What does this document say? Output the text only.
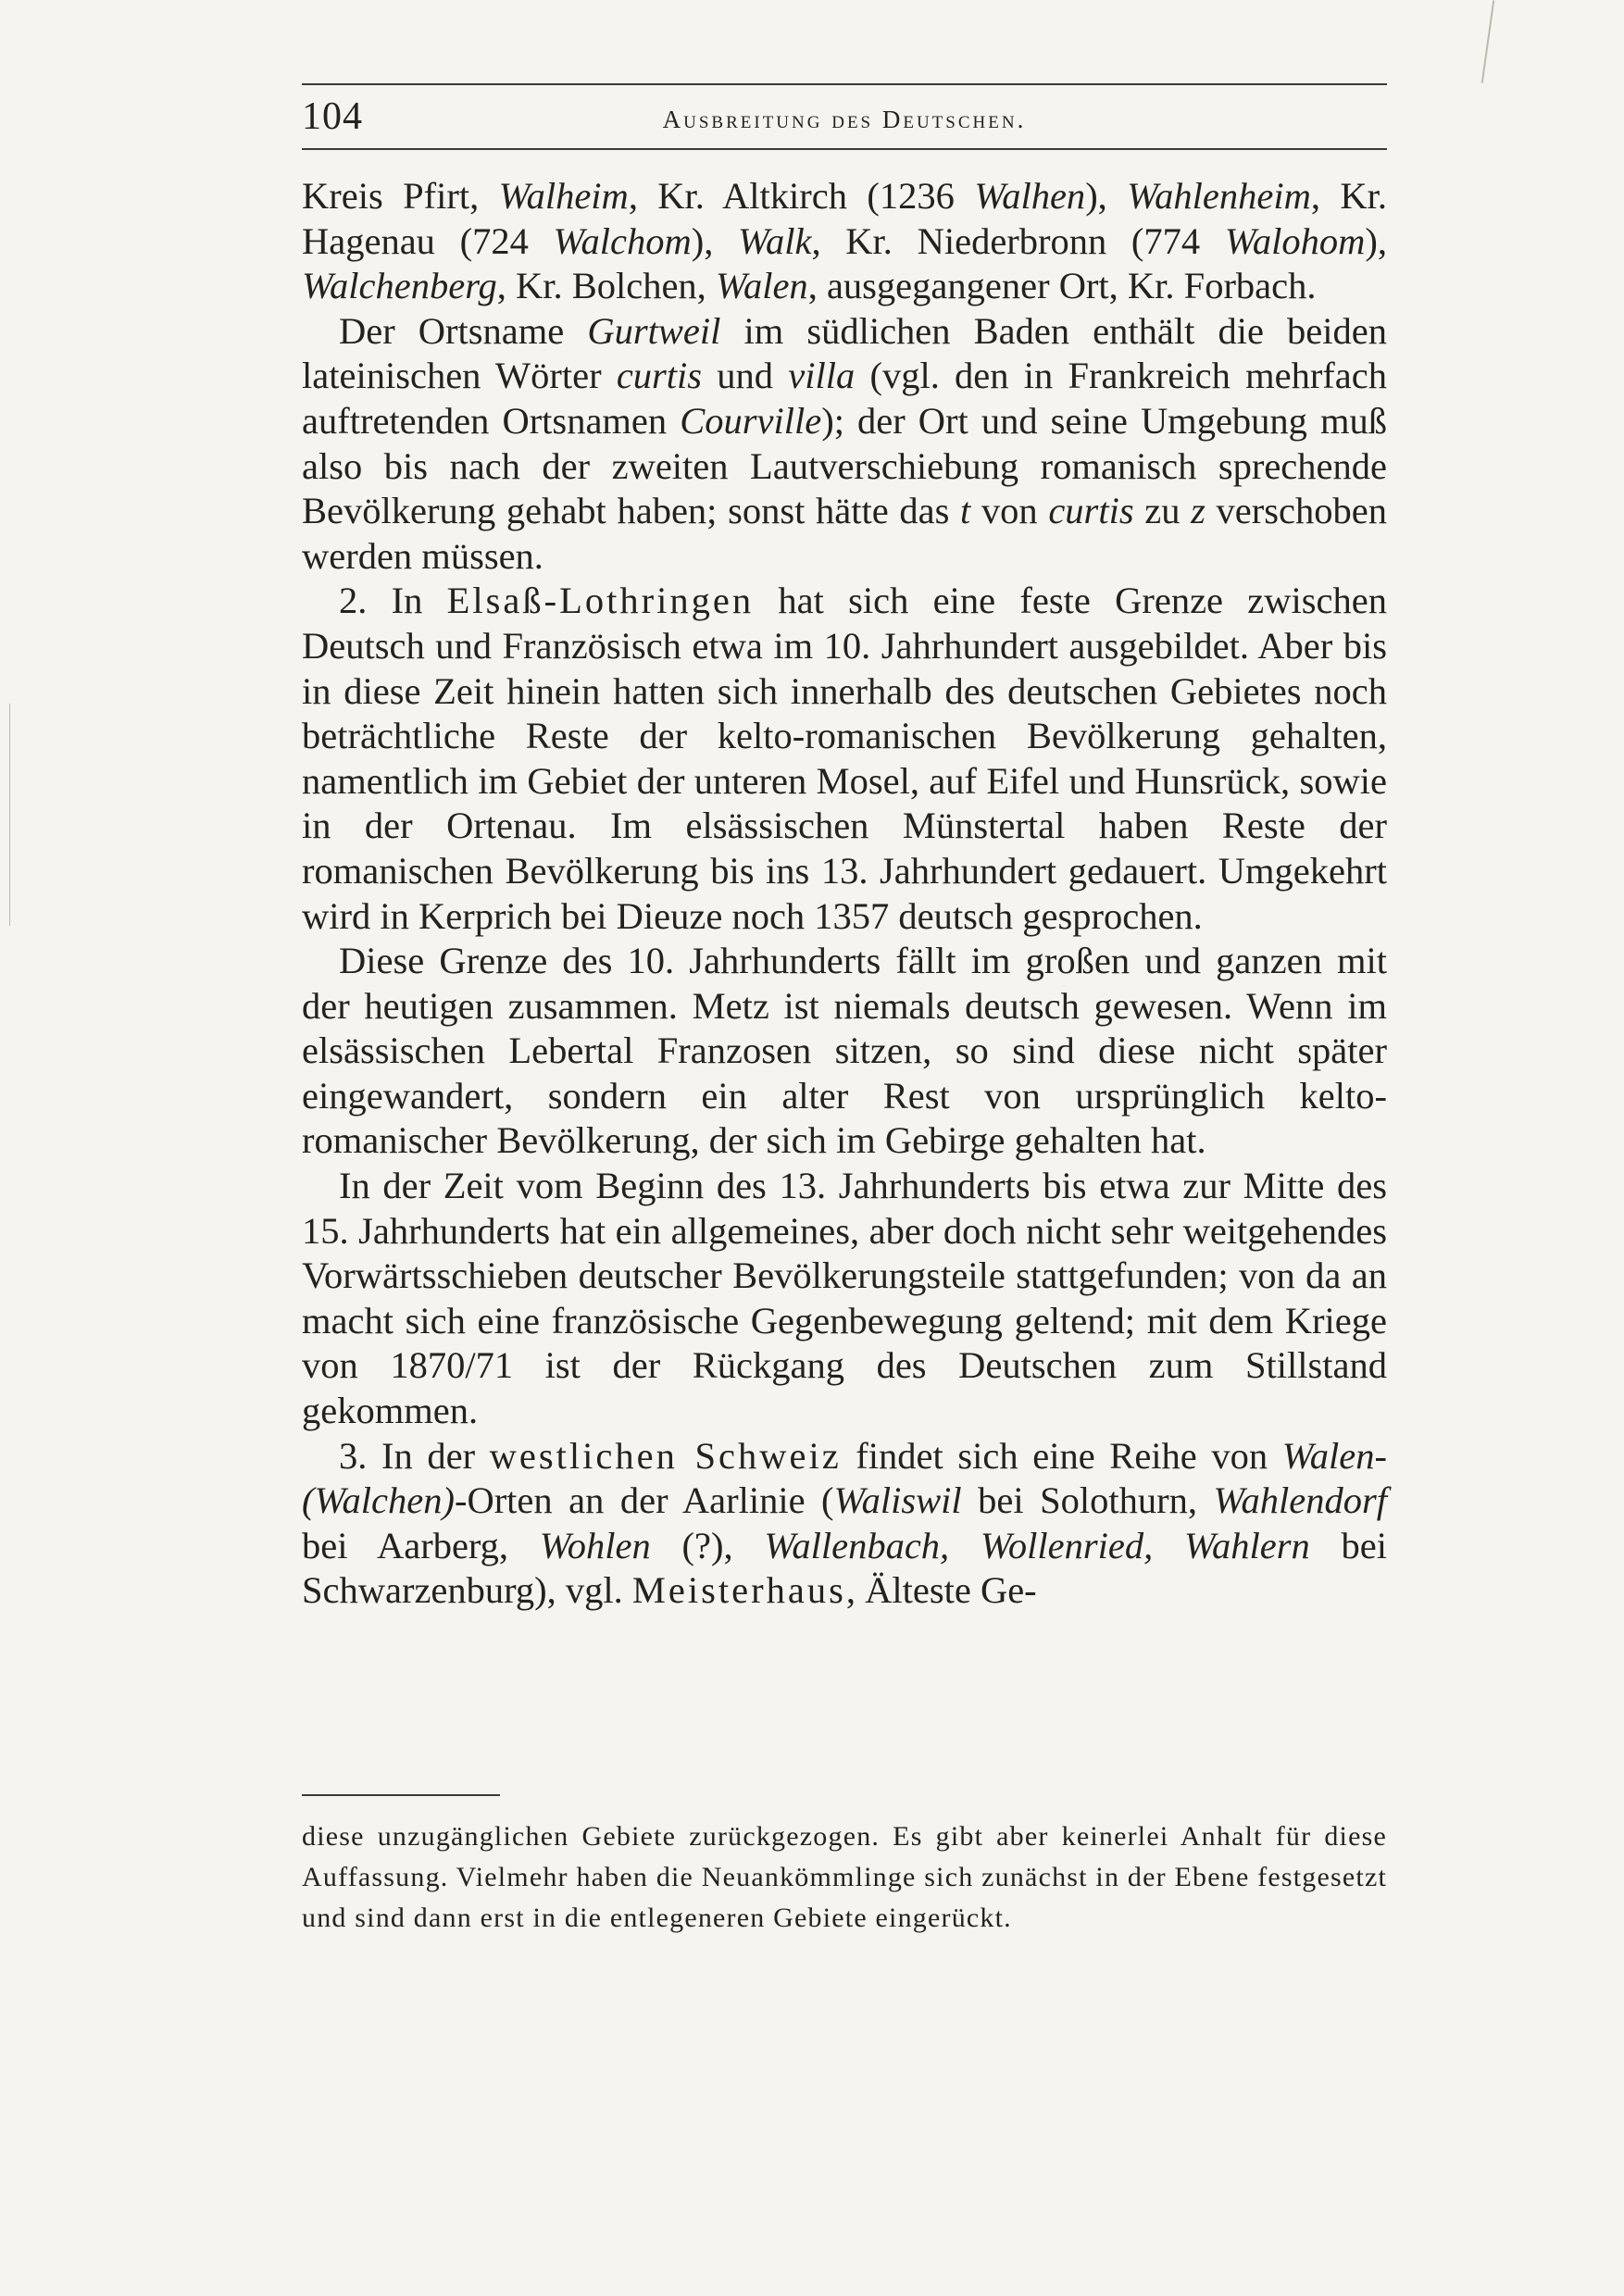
104	Ausbreitung des Deutschen.

Kreis Pfirt, Walheim, Kr. Altkirch (1236 Walhen), Wahlenheim, Kr. Hagenau (724 Walchom), Walk, Kr. Niederbronn (774 Walohom), Walchenberg, Kr. Bolchen, Walen, ausgegangener Ort, Kr. Forbach.

Der Ortsname Gurtweil im südlichen Baden enthält die beiden lateinischen Wörter curtis und villa (vgl. den in Frankreich mehrfach auftretenden Ortsnamen Courville); der Ort und seine Umgebung muß also bis nach der zweiten Lautverschiebung romanisch sprechende Bevölkerung gehabt haben; sonst hätte das t von curtis zu z verschoben werden müssen.

2. In Elsaß-Lothringen hat sich eine feste Grenze zwischen Deutsch und Französisch etwa im 10. Jahrhundert ausgebildet. Aber bis in diese Zeit hinein hatten sich innerhalb des deutschen Gebietes noch beträchtliche Reste der kelto-romanischen Bevölkerung gehalten, namentlich im Gebiet der unteren Mosel, auf Eifel und Hunsrück, sowie in der Ortenau. Im elsässischen Münstertal haben Reste der romanischen Bevölkerung bis ins 13. Jahrhundert gedauert. Umgekehrt wird in Kerprich bei Dieuze noch 1357 deutsch gesprochen.

Diese Grenze des 10. Jahrhunderts fällt im großen und ganzen mit der heutigen zusammen. Metz ist niemals deutsch gewesen. Wenn im elsässischen Lebertal Franzosen sitzen, so sind diese nicht später eingewandert, sondern ein alter Rest von ursprünglich kelto-romanischer Bevölkerung, der sich im Gebirge gehalten hat.

In der Zeit vom Beginn des 13. Jahrhunderts bis etwa zur Mitte des 15. Jahrhunderts hat ein allgemeines, aber doch nicht sehr weitgehendes Vorwärtsschieben deutscher Bevölkerungsteile stattgefunden; von da an macht sich eine französische Gegenbewegung geltend; mit dem Kriege von 1870/71 ist der Rückgang des Deutschen zum Stillstand gekommen.

3. In der westlichen Schweiz findet sich eine Reihe von Walen-(Walchen)-Orten an der Aarlinie (Waliswil bei Solothurn, Wahlendorf bei Aarberg, Wohlen (?), Wallenbach, Wollenried, Wahlern bei Schwarzenburg), vgl. Meisterhaus, Älteste Ge-

diese unzugänglichen Gebiete zurückgezogen. Es gibt aber keinerlei Anhalt für diese Auffassung. Vielmehr haben die Neuankömmlinge sich zunächst in der Ebene festgesetzt und sind dann erst in die entlegeneren Gebiete eingerückt.
